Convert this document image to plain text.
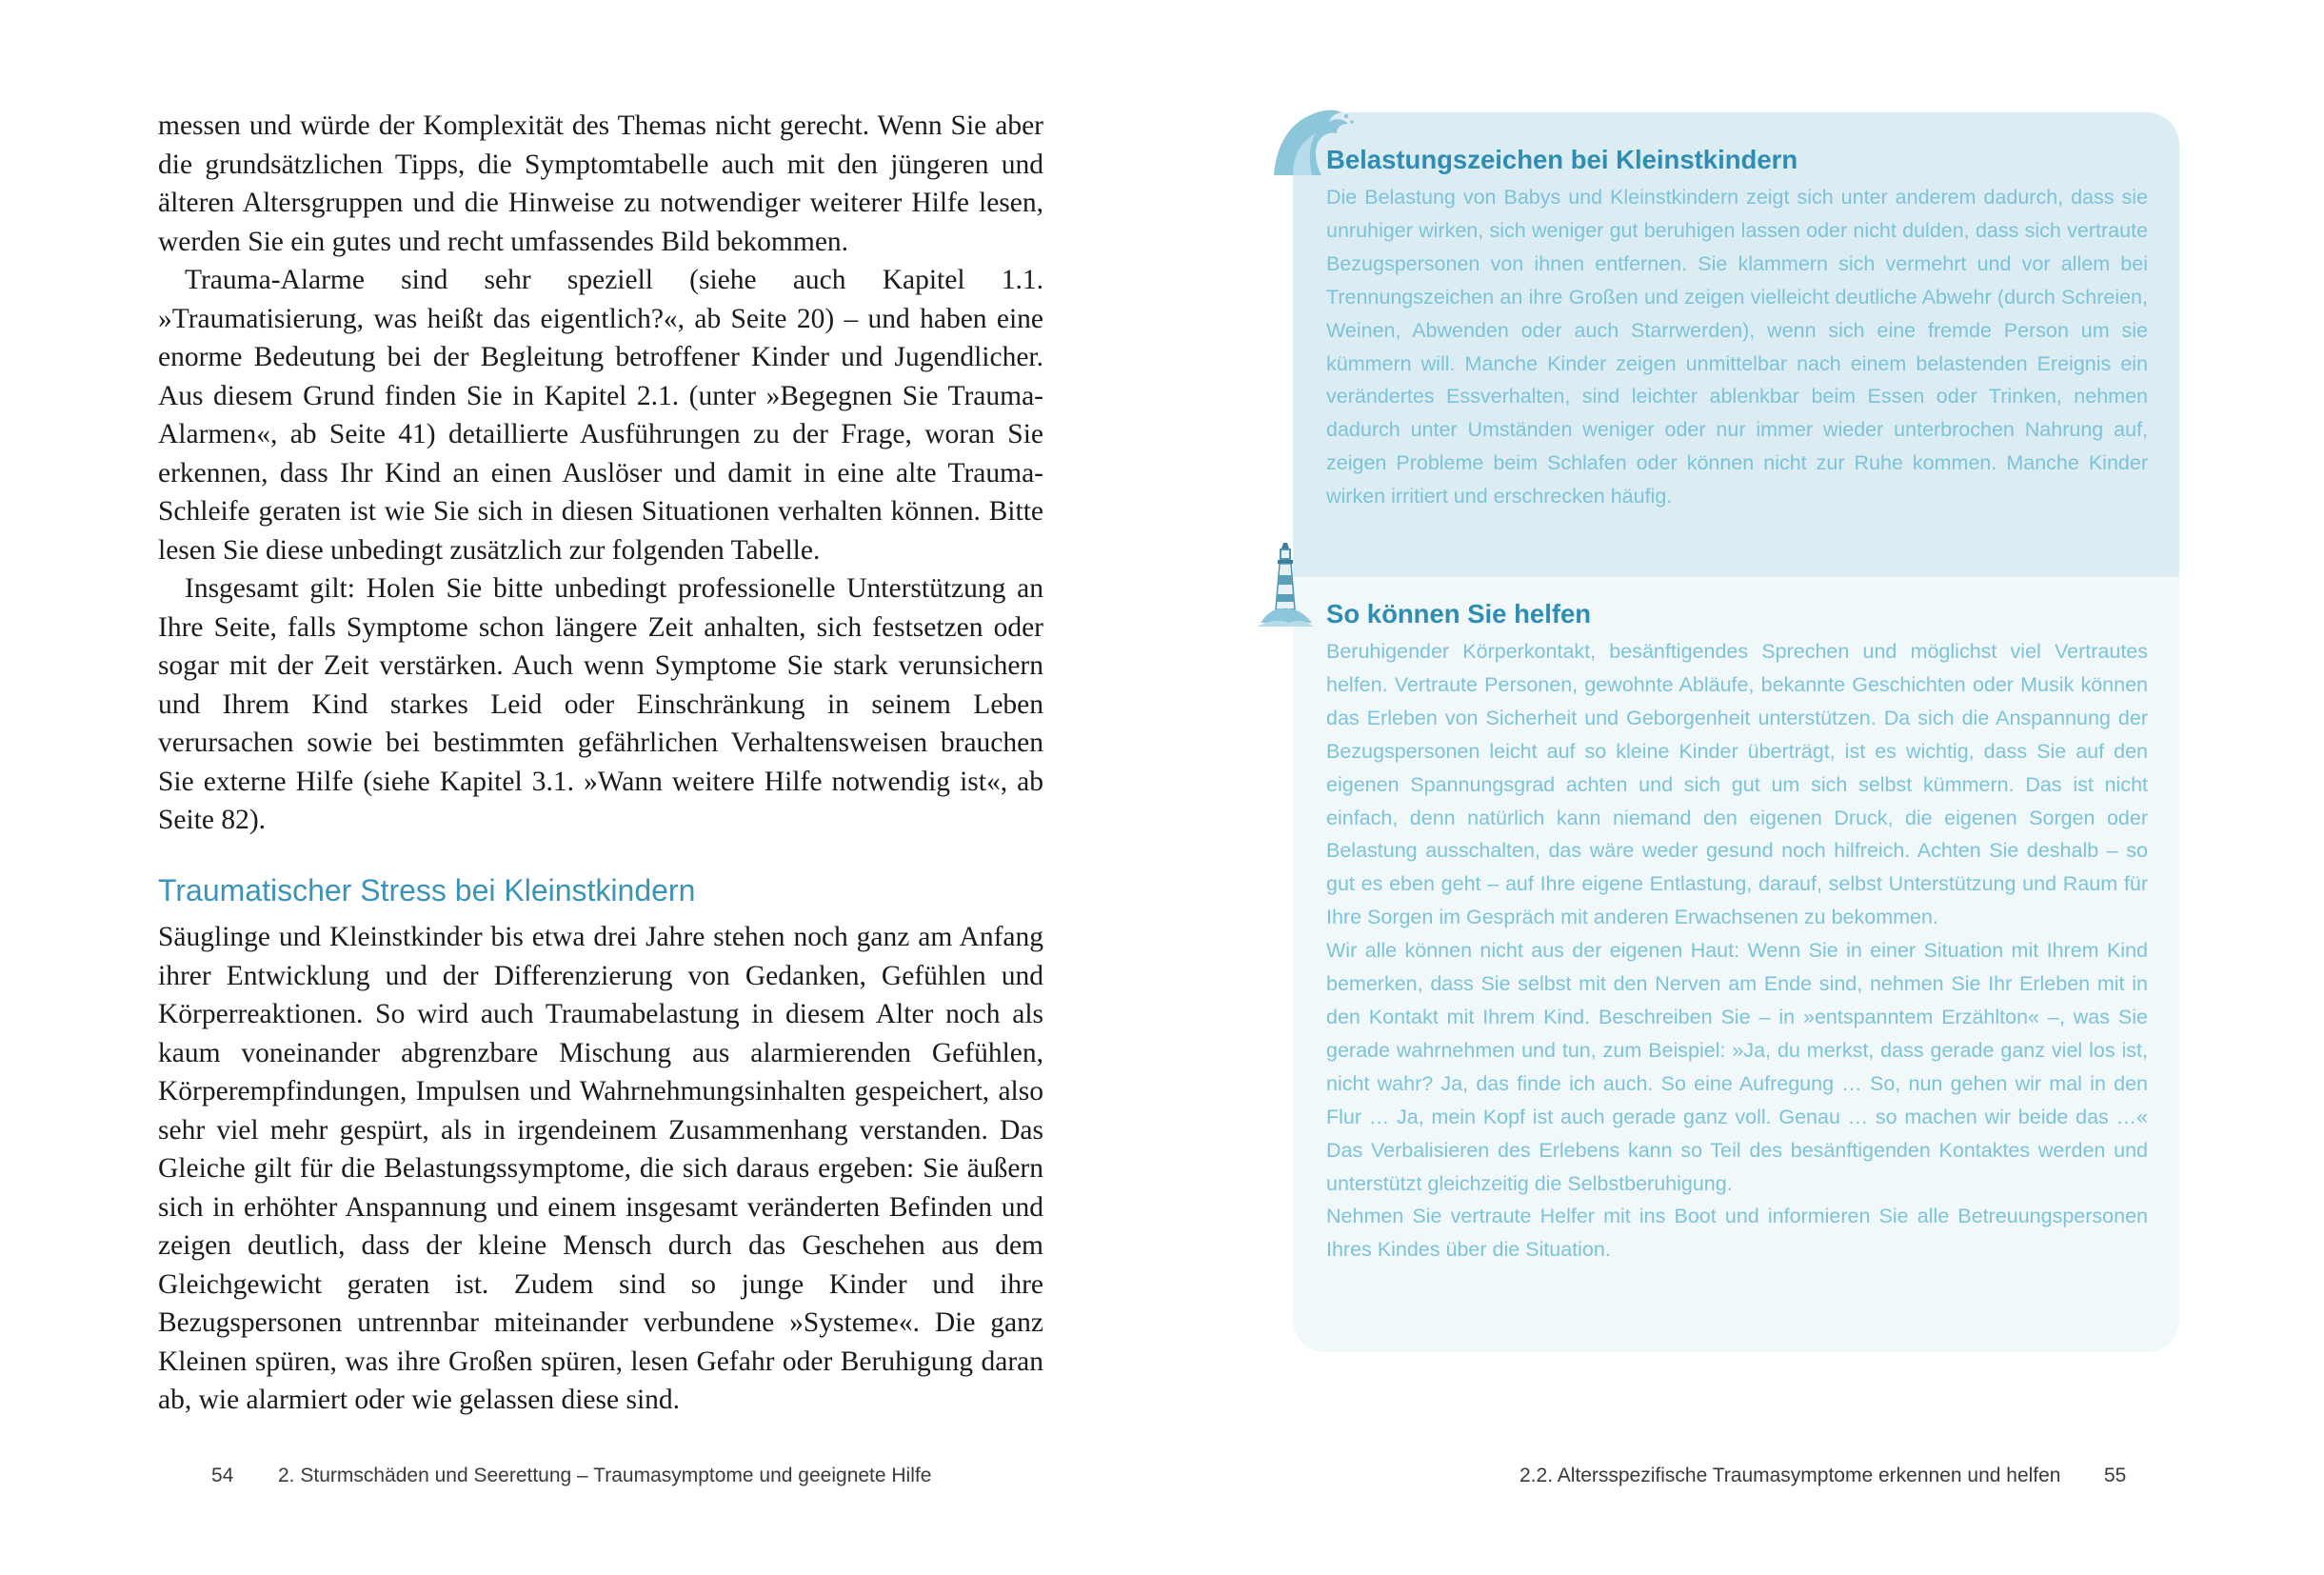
messen und würde der Komplexität des Themas nicht gerecht. Wenn Sie aber die grundsätzlichen Tipps, die Symptomtabelle auch mit den jüngeren und älteren Altersgruppen und die Hinweise zu notwendiger weiterer Hilfe lesen, werden Sie ein gutes und recht umfassendes Bild bekommen.

Trauma-Alarme sind sehr speziell (siehe auch Kapitel 1.1. »Traumatisierung, was heißt das eigentlich?«, ab Seite 20) – und haben eine enorme Bedeutung bei der Begleitung betroffener Kinder und Jugendlicher. Aus diesem Grund finden Sie in Kapitel 2.1. (unter »Begegnen Sie Trauma-Alarmen«, ab Seite 41) detaillierte Ausführungen zu der Frage, woran Sie erkennen, dass Ihr Kind an einen Auslöser und damit in eine alte Trauma-Schleife geraten ist wie Sie sich in diesen Situationen verhalten können. Bitte lesen Sie diese unbedingt zusätzlich zur folgenden Tabelle.

Insgesamt gilt: Holen Sie bitte unbedingt professionelle Unterstützung an Ihre Seite, falls Symptome schon längere Zeit anhalten, sich festsetzen oder sogar mit der Zeit verstärken. Auch wenn Symptome Sie stark verunsichern und Ihrem Kind starkes Leid oder Einschränkung in seinem Leben verursachen sowie bei bestimmten gefährlichen Verhaltensweisen brauchen Sie externe Hilfe (siehe Kapitel 3.1. »Wann weitere Hilfe notwendig ist«, ab Seite 82).

Traumatischer Stress bei Kleinstkindern

Säuglinge und Kleinstkinder bis etwa drei Jahre stehen noch ganz am Anfang ihrer Entwicklung und der Differenzierung von Gedanken, Gefühlen und Körperreaktionen. So wird auch Traumabelastung in diesem Alter noch als kaum voneinander abgrenzbare Mischung aus alarmierenden Gefühlen, Körperempfindungen, Impulsen und Wahrnehmungsinhalten gespeichert, also sehr viel mehr gespürt, als in irgendeinem Zusammenhang verstanden. Das Gleiche gilt für die Belastungssymptome, die sich daraus ergeben: Sie äußern sich in erhöhter Anspannung und einem insgesamt veränderten Befinden und zeigen deutlich, dass der kleine Mensch durch das Geschehen aus dem Gleichgewicht geraten ist. Zudem sind so junge Kinder und ihre Bezugspersonen untrennbar miteinander verbundene »Systeme«. Die ganz Kleinen spüren, was ihre Großen spüren, lesen Gefahr oder Beruhigung daran ab, wie alarmiert oder wie gelassen diese sind.

54 2. Sturmschäden und Seerettung – Traumasymptome und geeignete Hilfe
Belastungszeichen bei Kleinstkindern

Die Belastung von Babys und Kleinstkindern zeigt sich unter anderem dadurch, dass sie unruhiger wirken, sich weniger gut beruhigen lassen oder nicht dulden, dass sich vertraute Bezugspersonen von ihnen entfernen. Sie klammern sich vermehrt und vor allem bei Trennungszeichen an ihre Großen und zeigen vielleicht deutliche Abwehr (durch Schreien, Weinen, Abwenden oder auch Starrwerden), wenn sich eine fremde Person um sie kümmern will. Manche Kinder zeigen unmittelbar nach einem belastenden Ereignis ein verändertes Essverhalten, sind leichter ablenkbar beim Essen oder Trinken, nehmen dadurch unter Umständen weniger oder nur immer wieder unterbrochen Nahrung auf, zeigen Probleme beim Schlafen oder können nicht zur Ruhe kommen. Manche Kinder wirken irritiert und erschrecken häufig.

So können Sie helfen

Beruhigender Körperkontakt, besänftigendes Sprechen und möglichst viel Vertrautes helfen. Vertraute Personen, gewohnte Abläufe, bekannte Geschichten oder Musik können das Erleben von Sicherheit und Geborgenheit unterstützen. Da sich die Anspannung der Bezugspersonen leicht auf so kleine Kinder überträgt, ist es wichtig, dass Sie auf den eigenen Spannungsgrad achten und sich gut um sich selbst kümmern. Das ist nicht einfach, denn natürlich kann niemand den eigenen Druck, die eigenen Sorgen oder Belastung ausschalten, das wäre weder gesund noch hilfreich. Achten Sie deshalb – so gut es eben geht – auf Ihre eigene Entlastung, darauf, selbst Unterstützung und Raum für Ihre Sorgen im Gespräch mit anderen Erwachsenen zu bekommen.

Wir alle können nicht aus der eigenen Haut: Wenn Sie in einer Situation mit Ihrem Kind bemerken, dass Sie selbst mit den Nerven am Ende sind, nehmen Sie Ihr Erleben mit in den Kontakt mit Ihrem Kind. Beschreiben Sie – in »entspanntem Erzählton« –, was Sie gerade wahrnehmen und tun, zum Beispiel: »Ja, du merkst, dass gerade ganz viel los ist, nicht wahr? Ja, das finde ich auch. So eine Aufregung … So, nun gehen wir mal in den Flur … Ja, mein Kopf ist auch gerade ganz voll. Genau … so machen wir beide das …« Das Verbalisieren des Erlebens kann so Teil des besänftigenden Kontaktes werden und unterstützt gleichzeitig die Selbstberuhigung.

Nehmen Sie vertraute Helfer mit ins Boot und informieren Sie alle Betreuungspersonen Ihres Kindes über die Situation.

2.2. Altersspezifische Traumasymptome erkennen und helfen 55
